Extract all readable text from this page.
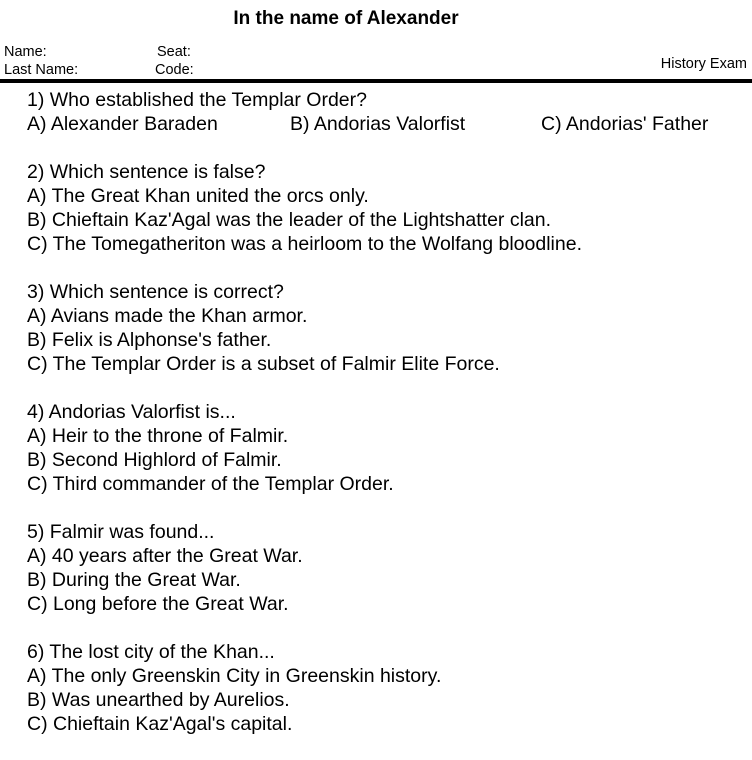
In the name of Alexander
Name:
Last Name:
Seat:
Code:	History Exam
1) Who established the Templar Order?
A) Alexander Baraden	B) Andorias Valorfist	C) Andorias' Father
2) Which sentence is false?
A) The Great Khan united the orcs only.
B) Chieftain Kaz'Agal was the leader of the Lightshatter clan.
C) The Tomegatheriton was a heirloom to the Wolfang bloodline.
3) Which sentence is correct?
A) Avians made the Khan armor.
B) Felix is Alphonse's father.
C) The Templar Order is a subset of Falmir Elite Force.
4) Andorias Valorfist is...
A) Heir to the throne of Falmir.
B) Second Highlord of Falmir.
C) Third commander of the Templar Order.
5) Falmir was found...
A) 40 years after the Great War.
B) During the Great War.
C) Long before the Great War.
6) The lost city of the Khan...
A) The only Greenskin City in Greenskin history.
B) Was unearthed by Aurelios.
C) Chieftain Kaz'Agal's capital.
